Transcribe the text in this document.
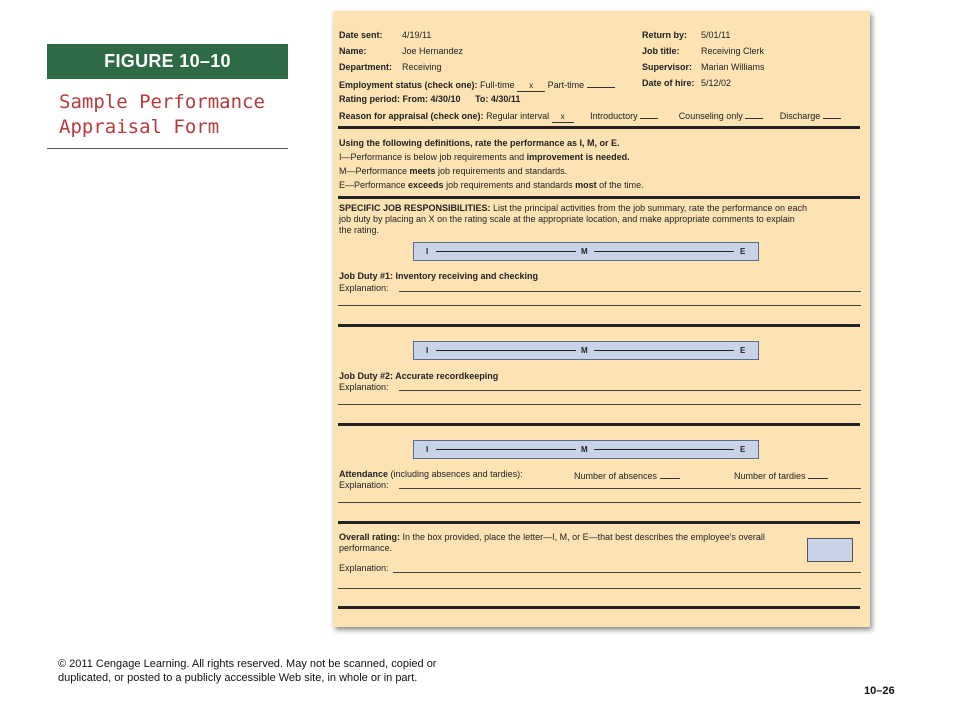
FIGURE 10–10
Sample Performance
Appraisal Form
Date sent: 4/19/11
Name:	Joe Hernandez
Department: Receiving
Return by: 5/01/11
Job title: Receiving Clerk
Supervisor: Marian Williams
Date of hire: 5/12/02
Employment status (check one): Full-time x Part-time
Rating period: From: 4/30/10 To: 4/30/11
Reason for appraisal (check one): Regular interval x	Introductory	Counseling only	Discharge
Using the following definitions, rate the performance as I, M, or E.
I—Performance is below job requirements and improvement is needed.
M—Performance meets job requirements and standards.
E—Performance exceeds job requirements and standards most of the time.
SPECIFIC JOB RESPONSIBILITIES: List the principal activities from the job summary, rate the performance on each job duty by placing an X on the rating scale at the appropriate location, and make appropriate comments to explain the rating.
I	M	E
Job Duty #1: Inventory receiving and checking
Explanation:
I	M	E
Job Duty #2: Accurate recordkeeping
Explanation:
I	M	E
Attendance (including absences and tardies):	Number of absences	Number of tardies
Explanation:
Overall rating: In the box provided, place the letter—I, M, or E—that best describes the employee's overall performance.
Explanation:
© 2011 Cengage Learning. All rights reserved. May not be scanned, copied or duplicated, or posted to a publicly accessible Web site, in whole or in part.
10–26
